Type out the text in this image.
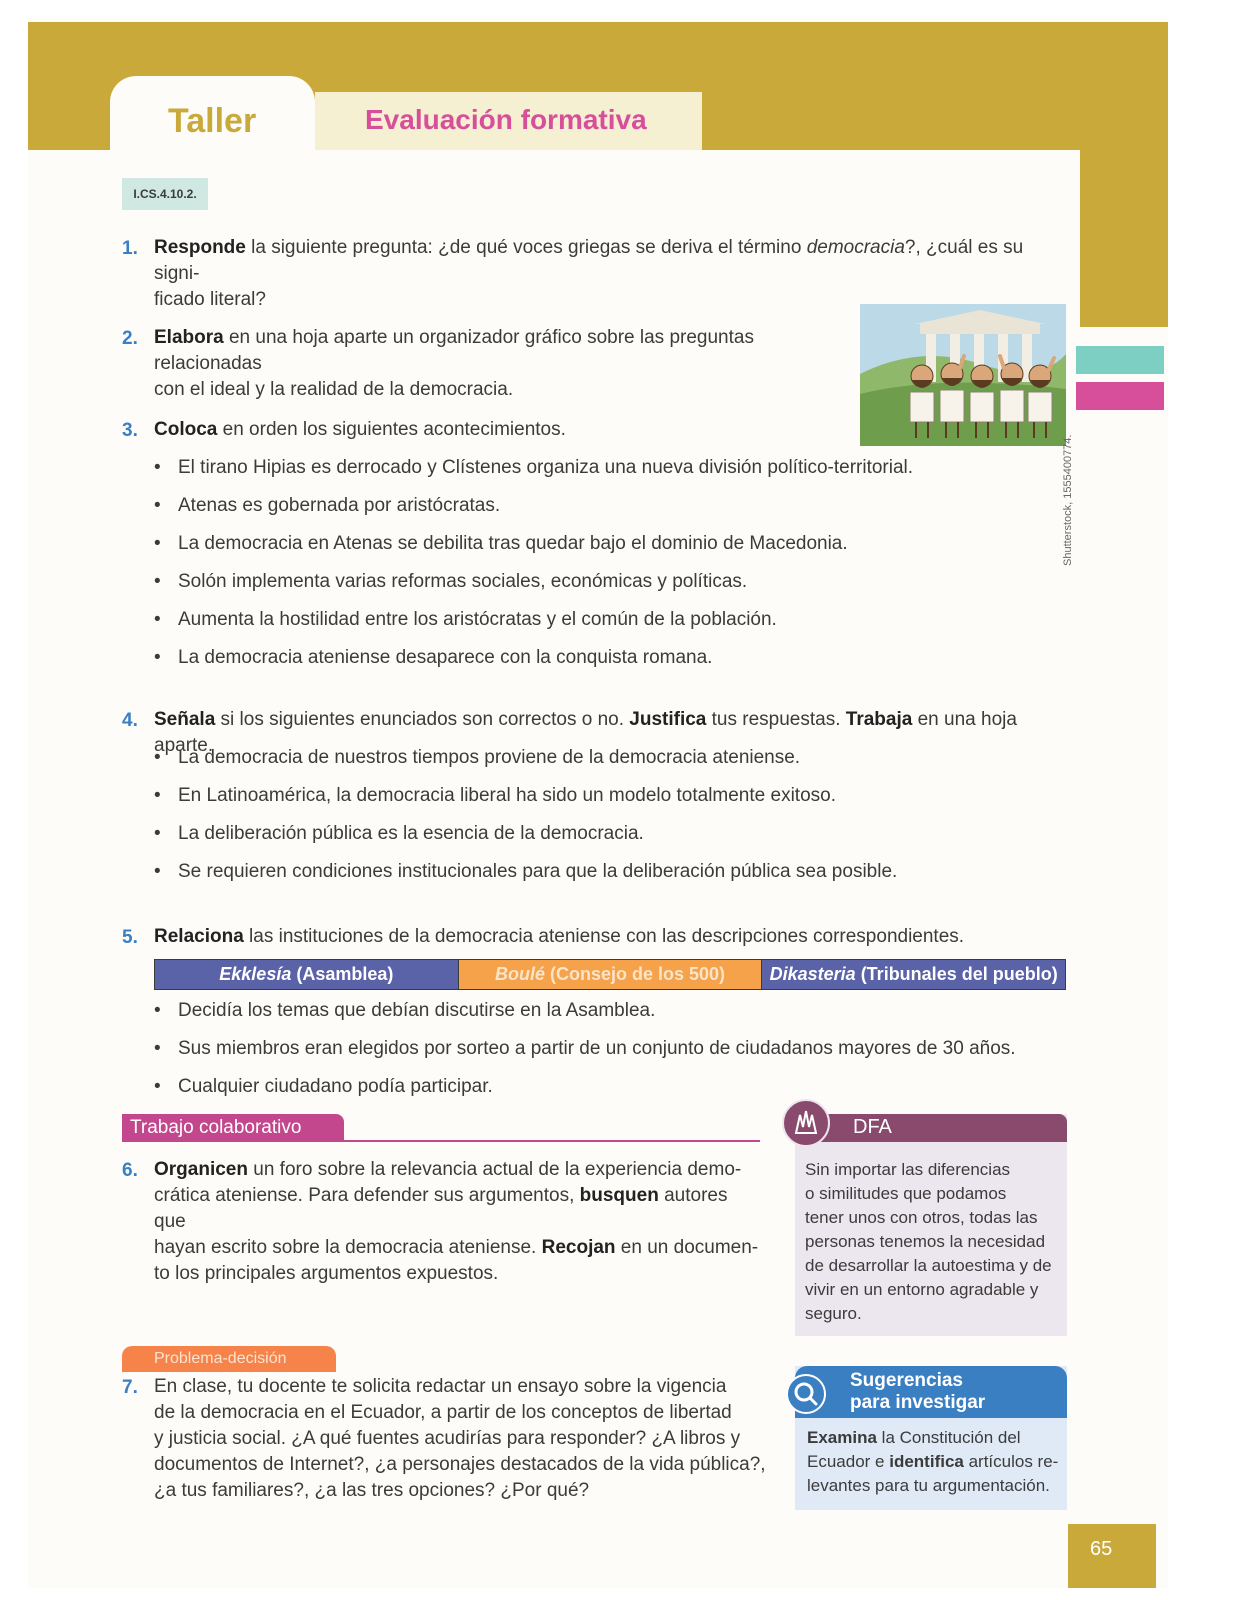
Taller	Evaluación formativa
I.CS.4.10.2.
Shutterstock, 1555400774.
1. Responde la siguiente pregunta: ¿de qué voces griegas se deriva el término democracia?, ¿cuál es su signi-
ficado literal?
2. Elabora en una hoja aparte un organizador gráfico sobre las preguntas relacionadas
con el ideal y la realidad de la democracia.
3. Coloca en orden los siguientes acontecimientos.
• El tirano Hipias es derrocado y Clístenes organiza una nueva división político-territorial.
• Atenas es gobernada por aristócratas.
• La democracia en Atenas se debilita tras quedar bajo el dominio de Macedonia.
• Solón implementa varias reformas sociales, económicas y políticas.
• Aumenta la hostilidad entre los aristócratas y el común de la población.
• La democracia ateniense desaparece con la conquista romana.
4. Señala si los siguientes enunciados son correctos o no. Justifica tus respuestas. Trabaja en una hoja aparte.
• La democracia de nuestros tiempos proviene de la democracia ateniense.
• En Latinoamérica, la democracia liberal ha sido un modelo totalmente exitoso.
• La deliberación pública es la esencia de la democracia.
• Se requieren condiciones institucionales para que la deliberación pública sea posible.
5. Relaciona las instituciones de la democracia ateniense con las descripciones correspondientes.
Ekklesía (Asamblea)	Boulé (Consejo de los 500)	Dikasteria (Tribunales del pueblo)
• Decidía los temas que debían discutirse en la Asamblea.
• Sus miembros eran elegidos por sorteo a partir de un conjunto de ciudadanos mayores de 30 años.
• Cualquier ciudadano podía participar.
Trabajo colaborativo
6. Organicen un foro sobre la relevancia actual de la experiencia demo-
crática ateniense. Para defender sus argumentos, busquen autores que
hayan escrito sobre la democracia ateniense. Recojan en un documen-
to los principales argumentos expuestos.
Problema-decisión
7. En clase, tu docente te solicita redactar un ensayo sobre la vigencia
de la democracia en el Ecuador, a partir de los conceptos de libertad
y justicia social. ¿A qué fuentes acudirías para responder? ¿A libros y
documentos de Internet?, ¿a personajes destacados de la vida pública?,
¿a tus familiares?, ¿a las tres opciones? ¿Por qué?
DFA
Sin importar las diferencias
o similitudes que podamos
tener unos con otros, todas las
personas tenemos la necesidad
de desarrollar la autoestima y de
vivir en un entorno agradable y
seguro.
Sugerencias
para investigar
Examina la Constitución del
Ecuador e identifica artículos re-
levantes para tu argumentación.
65
